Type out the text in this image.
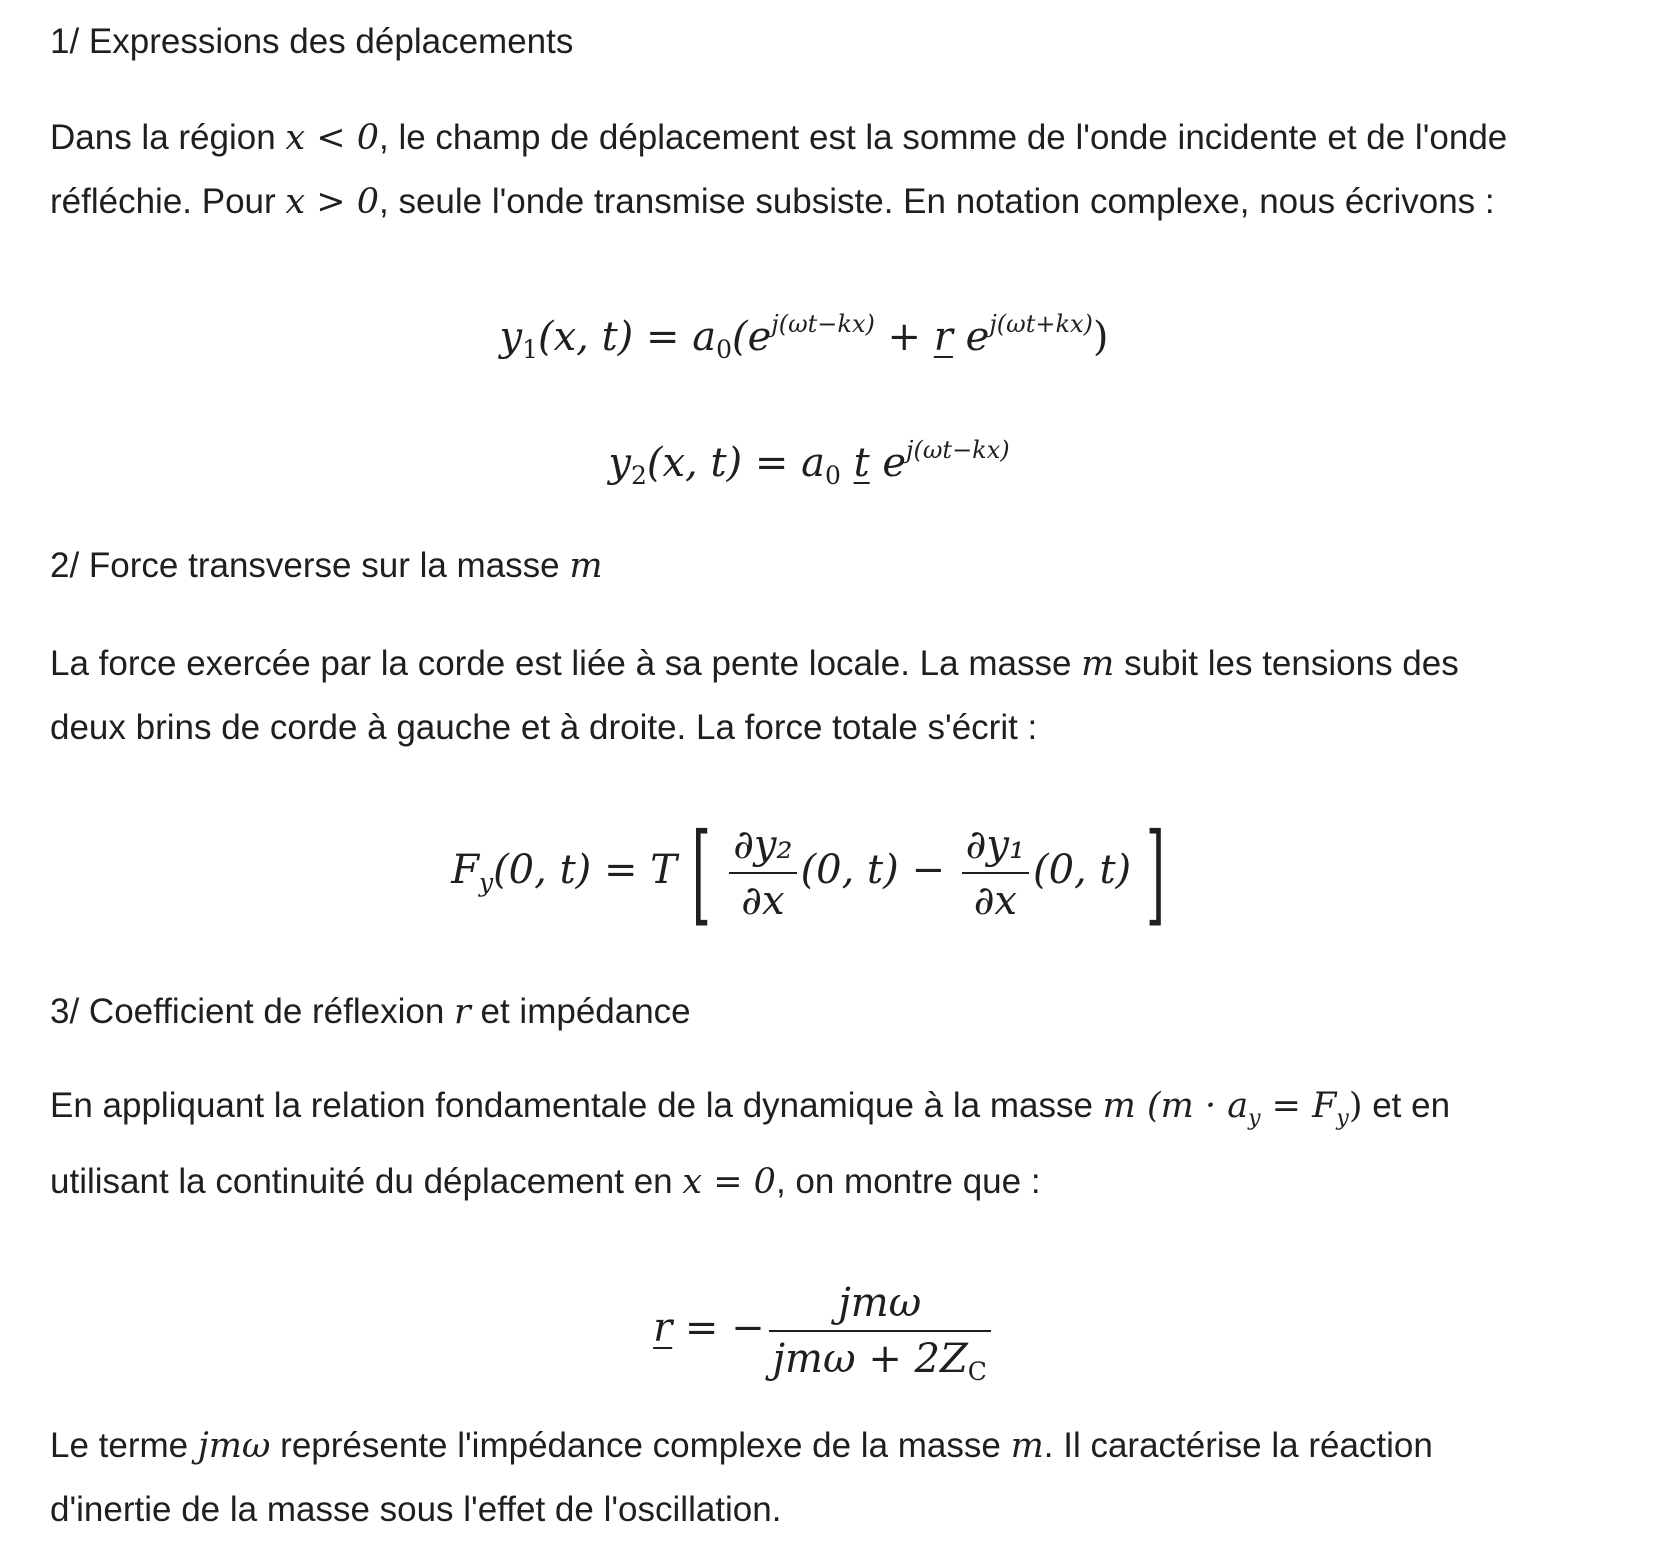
1/ Expressions des déplacements
Dans la région x < 0, le champ de déplacement est la somme de l'onde incidente et de l'onde
réfléchie. Pour x > 0, seule l'onde transmise subsiste. En notation complexe, nous écrivons :
$y_1(x$, $t) = a_0(e^{j(\omega t-kx)} + r$ $e^{j(\omega t+kx)}$)
$y_2(x$, $t) = a_0$ t $e^{j(\omega t-kx)}$
2/ Force transverse sur la masse m
La force exercée par la corde est liée à sa pente locale. La masse m subit les tensions des
deux brins de corde à gauche et à droite. La force totale s'écrit :
$F_y(0$, t) = T [ $\frac{\text{∂y₂}}{\partial x} (0$, $t) - \frac{\text{∂y₁}}{\partial x} (0$, t) ]
3/ Coefficient de réflexion r et impédance
En appliquant la relation fondamentale de la dynamique à la masse m $(m \cdot a_y = F_y)$ et en
utilisant la continuité du déplacement en x = 0, on montre que :
r = − $\frac{\text{jmω}}{jm\omega + 2Z_C}$
Le terme jmω représente l'impédance complexe de la masse m. Il caractérise la réaction
d'inertie de la masse sous l'effet de l'oscillation.
